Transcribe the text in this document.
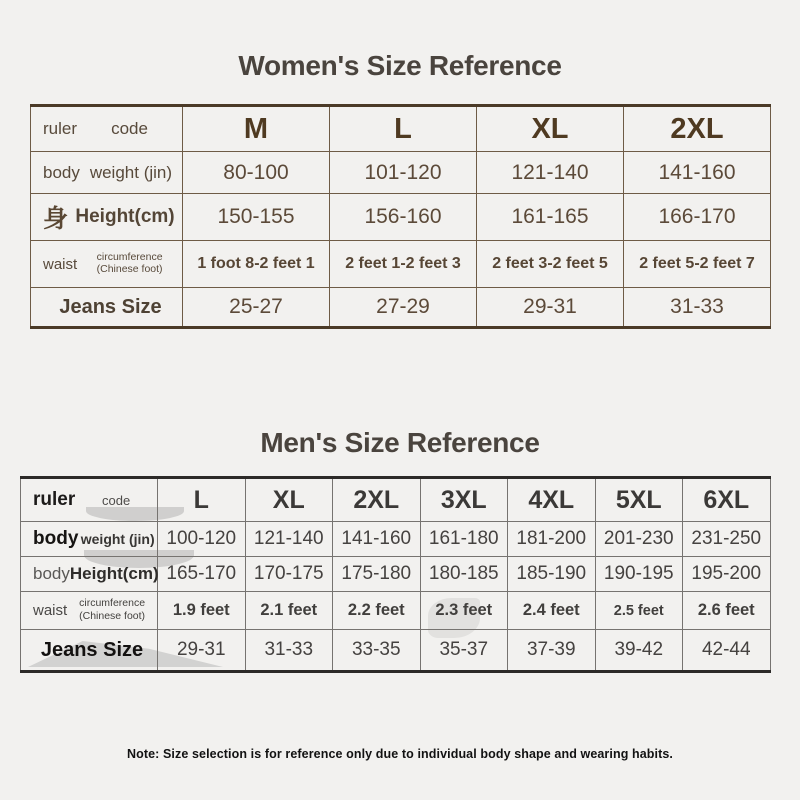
Women's Size Reference
ruler code	M	L	XL	2XL

body weight (jin)	80-100	101-120	121-140	141-160

身 Height(cm)	150-155	156-160	161-165	166-170

waist circumference (Chinese foot)	1 foot 8-2 feet 1	2 feet 1-2 feet 3	2 feet 3-2 feet 5	2 feet 5-2 feet 7
Jeans Size	25-27	27-29	29-31	31-33
Men's Size Reference
ruler code	L	XL	2XL	3XL	4XL	5XL	6XL

body weight (jin)	100-120	121-140	141-160	161-180	181-200	201-230	231-250

body Height(cm)	165-170	170-175	175-180	180-185	185-190	190-195	195-200

waist circumference (Chinese foot)	1.9 feet	2.1 feet	2.2 feet	2.3 feet	2.4 feet	2.5 feet	2.6 feet
Jeans Size	29-31	31-33	33-35	35-37	37-39	39-42	42-44
Note: Size selection is for reference only due to individual body shape and wearing habits.
